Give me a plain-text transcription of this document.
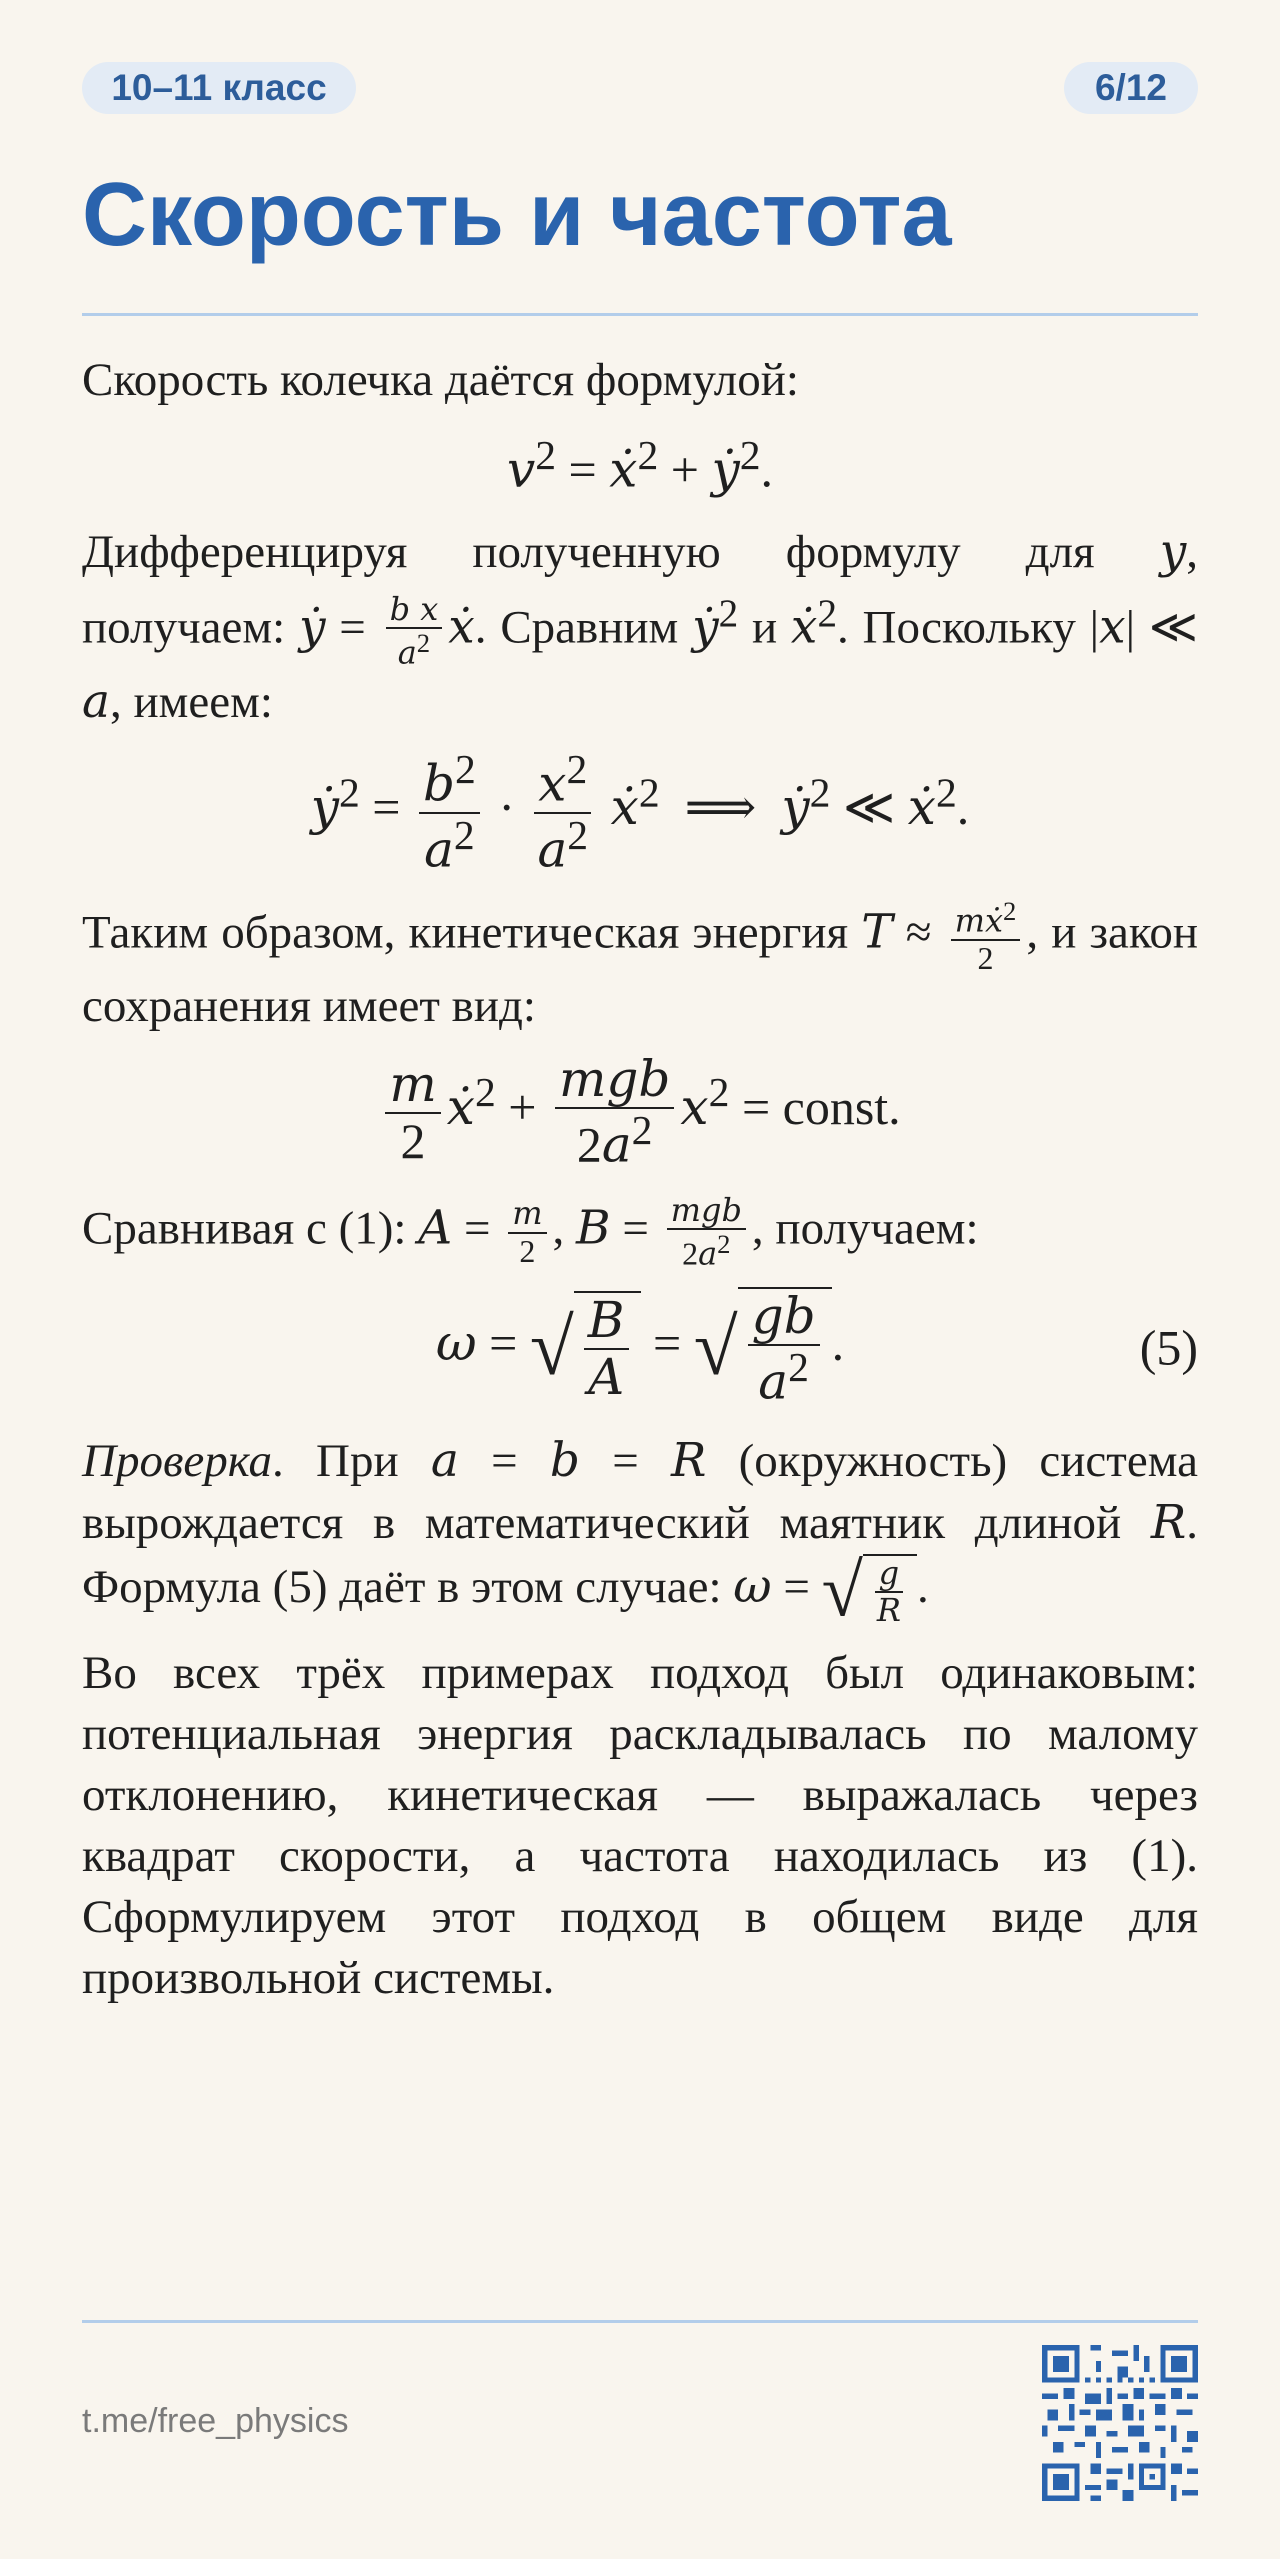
10–11 класс	6/12
Скорость и частота

Скорость колечка даётся формулой:

$v^2$ = ẋ$^2$ + ẏ$^2$.

Дифференцируя полученную формулу для y, получаем: ẏ = $\frac{\text{b x}}{a^2}$ ẋ. Сравним ẏ$^2$ и ẋ$^2$. Поскольку |x| ≪ a, имеем:

ẏ$^2$ = $\frac{b^2}{a^2} \cdot \frac{x^2}{a^2}$ ẋ$^2$  ⟹  ẏ$^2$ ≪ ẋ$^2$.

Таким образом, кинетическая энергия $T \approx \frac{mẋ^2}{2}$ , и закон сохранения имеет вид:

$\frac{m}{2}$ ẋ$^2$ + $\frac{\text{mgb}}{2a^2} x^2$ = const.

Сравнивая с (1): $A = \frac{m}{2}$ , $B = \frac{\text{mgb}}{2a^2}$ , получаем:

ω = √ $\frac{B}{A}$ = √ $\frac{gb}{a^2}$ .	(5)

Проверка. При a = b = R (окружность) система вырождается в математический маятник длиной R. Формула (5) даёт в этом случае: ω = √ $\frac{g}{R}$ .

Во всех трёх примерах подход был одинаковым: потенциальная энергия раскладывалась по малому отклонению, кинетическая — выражалась через квадрат скорости, а частота находилась из (1). Сформулируем этот подход в общем виде для произвольной системы.

t.me/free_physics
